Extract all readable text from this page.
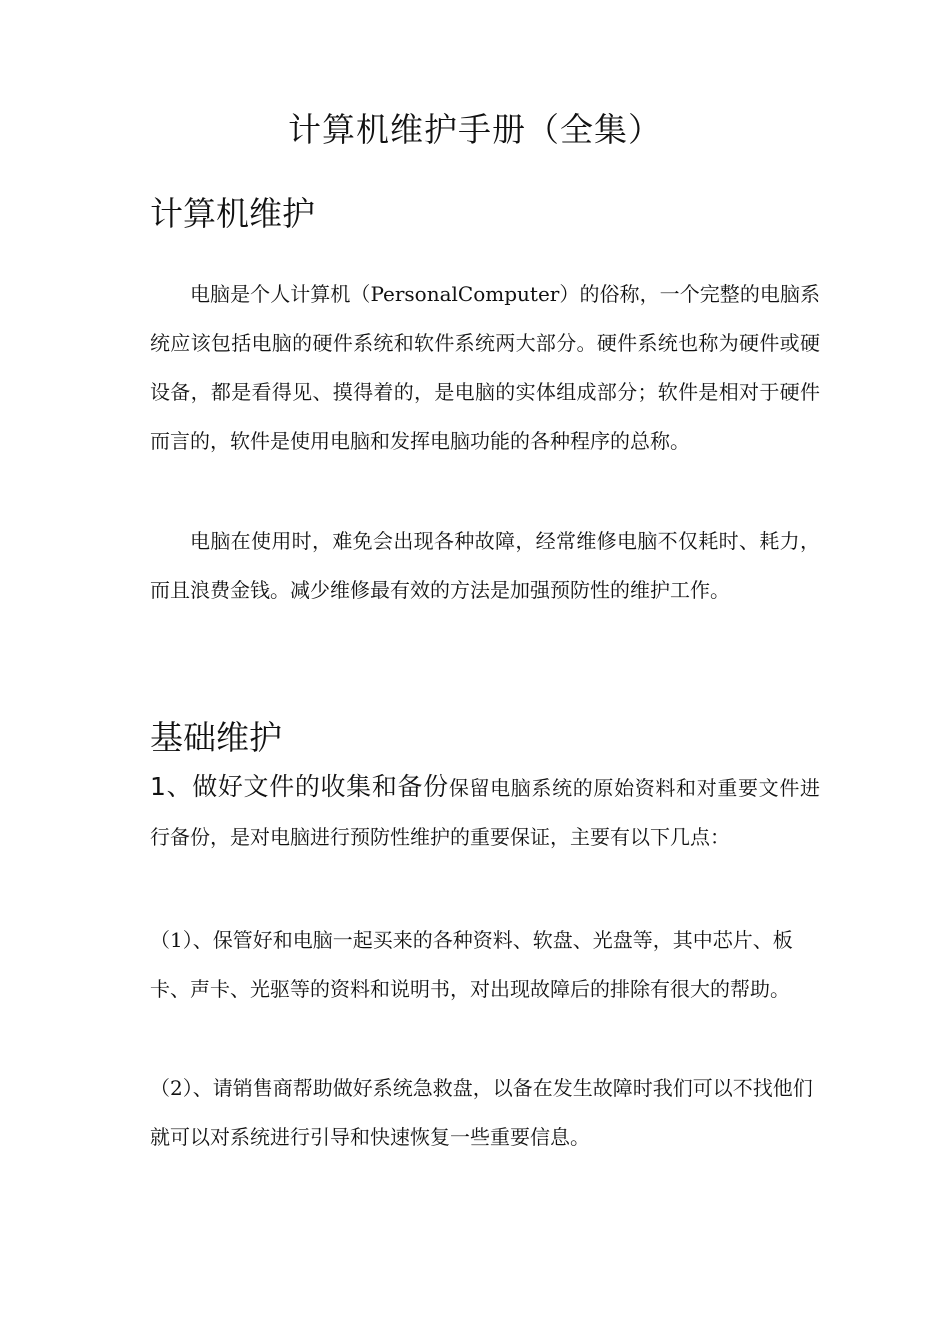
计算机维护手册（全集）
计算机维护

电脑是个人计算机（PersonalComputer）的俗称，一个完整的电脑系统应该包括电脑的硬件系统和软件系统两大部分。硬件系统也称为硬件或硬设备，都是看得见、摸得着的，是电脑的实体组成部分；软件是相对于硬件而言的，软件是使用电脑和发挥电脑功能的各种程序的总称。

电脑在使用时，难免会出现各种故障，经常维修电脑不仅耗时、耗力，而且浪费金钱。减少维修最有效的方法是加强预防性的维护工作。

基础维护

1、做好文件的收集和备份保留电脑系统的原始资料和对重要文件进行备份，是对电脑进行预防性维护的重要保证，主要有以下几点：

（1）、保管好和电脑一起买来的各种资料、软盘、光盘等，其中芯片、板卡、声卡、光驱等的资料和说明书，对出现故障后的排除有很大的帮助。

（2）、请销售商帮助做好系统急救盘，以备在发生故障时我们可以不找他们就可以对系统进行引导和快速恢复一些重要信息。
